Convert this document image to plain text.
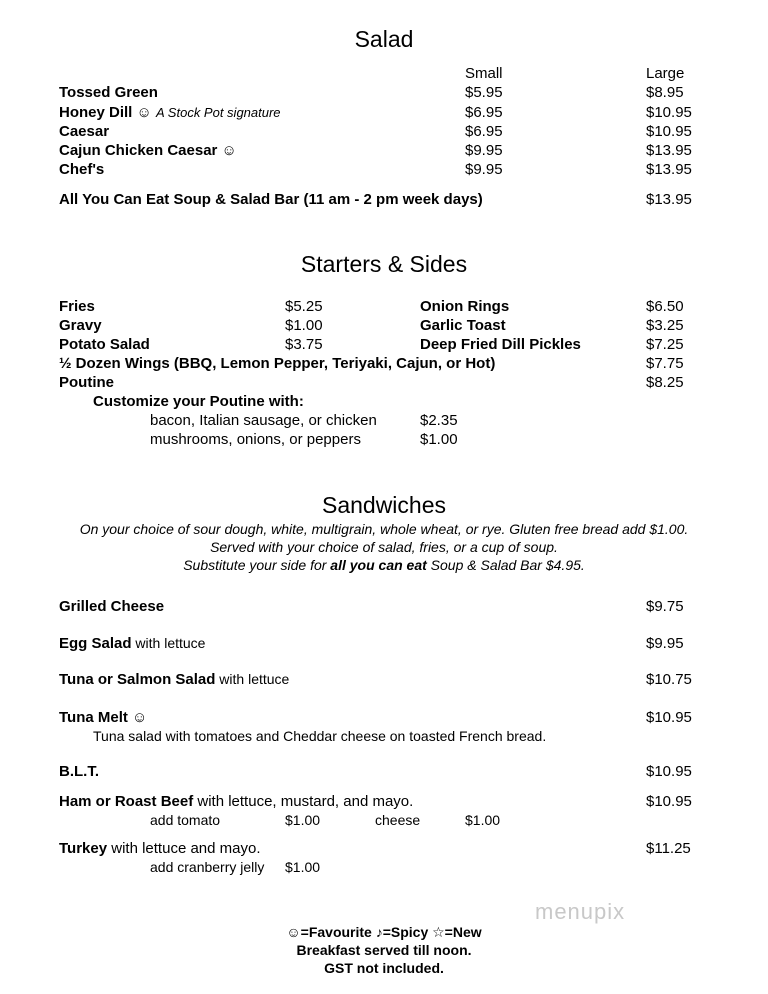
Salad
Small	Large
Tossed Green	$5.95	$8.95
Honey Dill ☺ A Stock Pot signature	$6.95	$10.95
Caesar	$6.95	$10.95
Cajun Chicken Caesar ☺	$9.95	$13.95
Chef's	$9.95	$13.95
All You Can Eat Soup & Salad Bar (11 am - 2 pm week days)	$13.95
Starters & Sides
Fries	$5.25	Onion Rings	$6.50
Gravy	$1.00	Garlic Toast	$3.25
Potato Salad	$3.75	Deep Fried Dill Pickles	$7.25
½ Dozen Wings (BBQ, Lemon Pepper, Teriyaki, Cajun, or Hot)	$7.75
Poutine	$8.25
Customize your Poutine with:
bacon, Italian sausage, or chicken	$2.35
mushrooms, onions, or peppers	$1.00
Sandwiches
On your choice of sour dough, white, multigrain, whole wheat, or rye. Gluten free bread add $1.00.
Served with your choice of salad, fries, or a cup of soup.
Substitute your side for all you can eat Soup & Salad Bar $4.95.
Grilled Cheese	$9.75
Egg Salad with lettuce	$9.95
Tuna or Salmon Salad with lettuce	$10.75
Tuna Melt ☺	$10.95
Tuna salad with tomatoes and Cheddar cheese on toasted French bread.
B.L.T.	$10.95
Ham or Roast Beef with lettuce, mustard, and mayo.	$10.95
add tomato	$1.00	cheese	$1.00
Turkey with lettuce and mayo.	$11.25
add cranberry jelly $1.00
menupix
☺=Favourite ♪=Spicy ☆=New
Breakfast served till noon.
GST not included.
